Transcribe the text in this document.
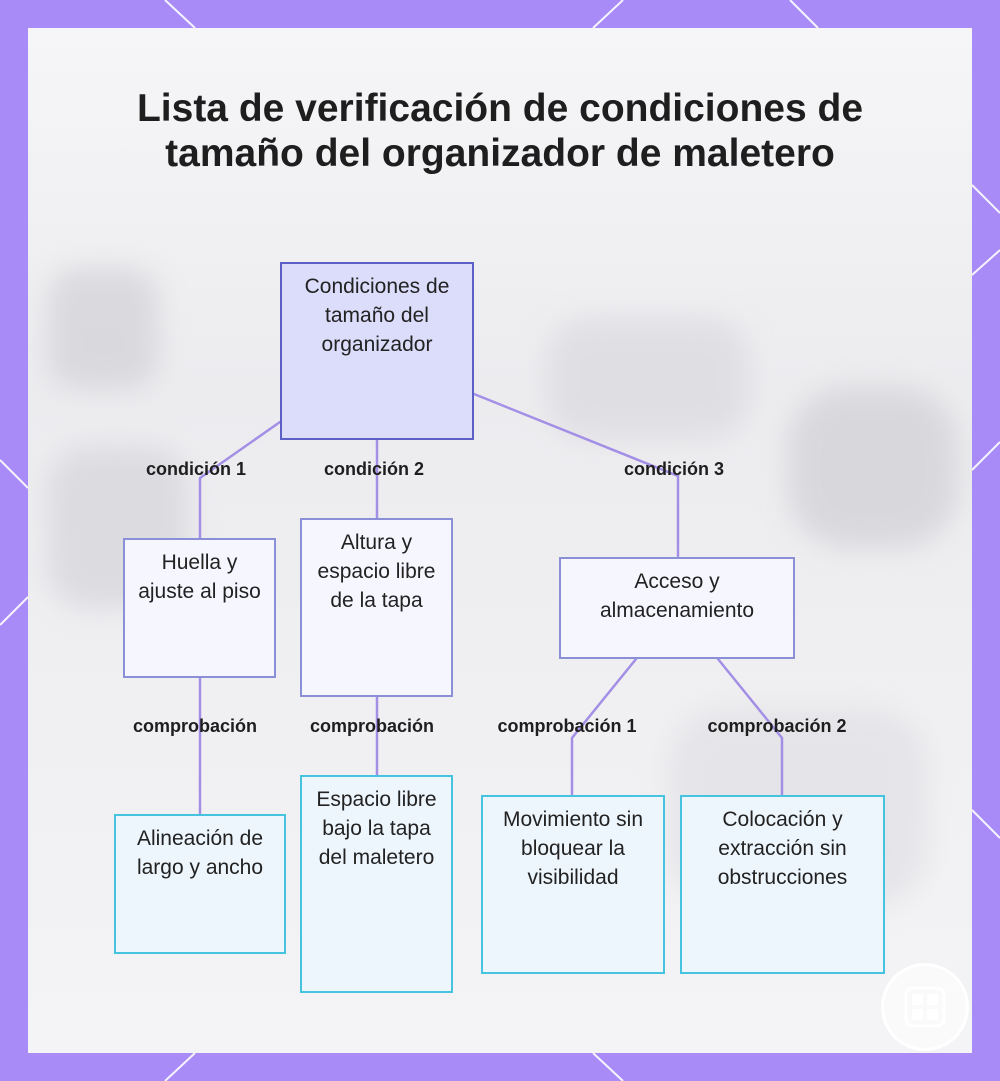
Lista de verificación de condiciones de tamaño del organizador de maletero
condición 1	condición 2	condición 3
comprobación	comprobación	comprobación 1	comprobación 2
Condiciones de tamaño del organizador
Huella y ajuste al piso
Altura y espacio libre de la tapa
Acceso y almacenamiento
Alineación de largo y ancho
Espacio libre bajo la tapa del maletero
Movimiento sin bloquear la visibilidad
Colocación y extracción sin obstrucciones
